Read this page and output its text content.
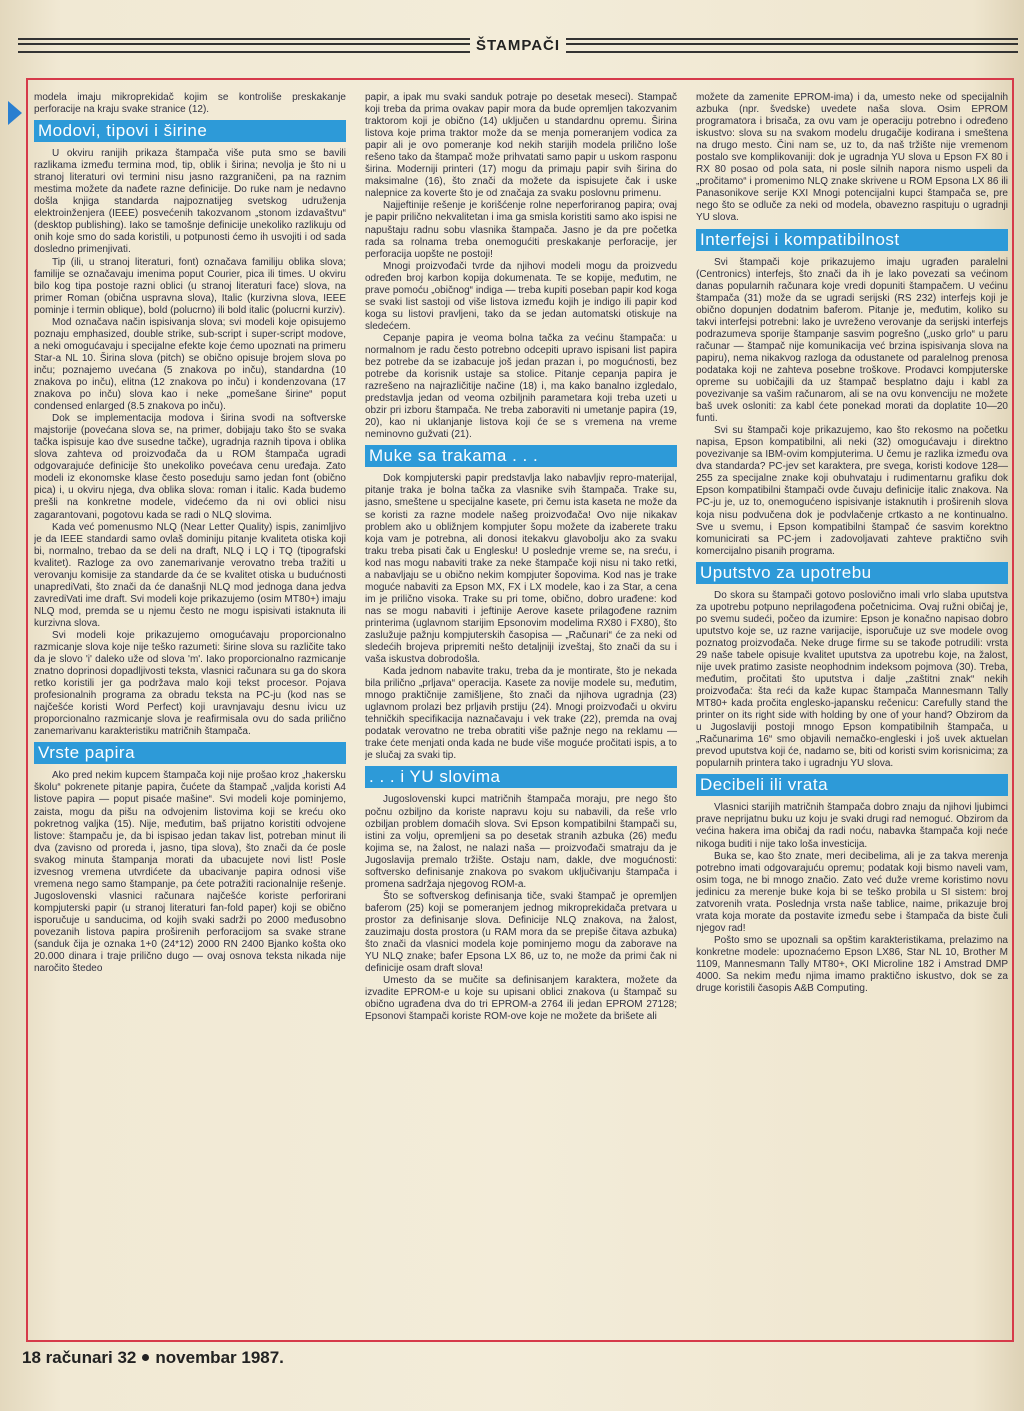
ŠTAMPAČI

modela imaju mikroprekidač kojim se kontroliše preskakanje perforacije na kraju svake stranice (12).

Modovi, tipovi i širine

U okviru ranijih prikaza štampača više puta smo se bavili razlikama između termina mod, tip, oblik i širina; nevolja je što ni u stranoj literaturi ovi termini nisu jasno razgraničeni, pa na raznim mestima možete da nađete razne definicije. Do ruke nam je nedavno došla knjiga standarda najpoznatijeg svetskog udruženja elektroinženjera (IEEE) posvećenih takozvanom „stonom izdavaštvu“ (desktop publishing). Iako se tamošnje definicije unekoliko razlikuju od onih koje smo do sada koristili, u potpunosti ćemo ih usvojiti i od sada dosledno primenjivati.

Tip (ili, u stranoj literaturi, font) označava familiju oblika slova; familije se označavaju imenima poput Courier, pica ili times. U okviru bilo kog tipa postoje razni oblici (u stranoj literaturi face) slova, na primer Roman (obična uspravna slova), Italic (kurzivna slova, IEEE pominje i termin oblique), bold (polucrno) ili bold italic (polucrni kurziv).

Mod označava način ispisivanja slova; svi modeli koje opisujemo poznaju emphasized, double strike, sub-script i super-script modove, a neki omogućavaju i specijalne efekte koje ćemo upoznati na primeru Star-a NL 10. Širina slova (pitch) se obično opisuje brojem slova po inču; poznajemo uvećana (5 znakova po inču), standardna (10 znakova po inču), elitna (12 znakova po inču) i kondenzovana (17 znakova po inču) slova kao i neke „pomešane širine“ poput condensed enlarged (8.5 znakova po inču).

Dok se implementacija modova i širina svodi na softverske majstorije (povećana slova se, na primer, dobijaju tako što se svaka tačka ispisuje kao dve susedne tačke), ugradnja raznih tipova i oblika slova zahteva od proizvođača da u ROM štampača ugradi odgovarajuće definicije što unekoliko povećava cenu uređaja. Zato modeli iz ekonomske klase često poseduju samo jedan font (obično pica) i, u okviru njega, dva oblika slova: roman i italic. Kada budemo prešli na konkretne modele, videćemo da ni ovi oblici nisu zagarantovani, pogotovu kada se radi o NLQ slovima.

Kada već pomenusmo NLQ (Near Letter Quality) ispis, zanimljivo je da IEEE standardi samo ovlaš dominiju pitanje kvaliteta otiska koji bi, normalno, trebao da se deli na draft, NLQ i LQ i TQ (tipografski kvalitet). Razloge za ovo zanemarivanje verovatno treba tražiti u verovanju komisije za standarde da će se kvalitet otiska u budućnosti unaprediVati, što znači da će današnji NLQ mod jednoga dana jedva zavrediVati ime draft. Svi modeli koje prikazujemo (osim MT80+) imaju NLQ mod, premda se u njemu često ne mogu ispisivati istaknuta ili kurzivna slova.

Svi modeli koje prikazujemo omogućavaju proporcionalno razmicanje slova koje nije teško razumeti: širine slova su različite tako da je slovo 'i' daleko uže od slova 'm'. Iako proporcionalno razmicanje znatno doprinosi dopadljivosti teksta, vlasnici računara su ga do skora retko koristili jer ga podržava malo koji tekst procesor. Pojava profesionalnih programa za obradu teksta na PC-ju (kod nas se najčešće koristi Word Perfect) koji uravnjavaju desnu ivicu uz proporcionalno razmicanje slova je reafirmisala ovu do sada prilično zanemarivanu karakteristiku matričnih štampača.

Vrste papira

Ako pred nekim kupcem štampača koji nije prošao kroz „hakersku školu“ pokrenete pitanje papira, čućete da štampač „valjda koristi A4 listove papira — poput pisaće mašine“. Svi modeli koje pominjemo, zaista, mogu da pišu na odvojenim listovima koji se kreću oko pokretnog valjka (15). Nije, međutim, baš prijatno koristiti odvojene listove: štampaču je, da bi ispisao jedan takav list, potreban minut ili dva (zavisno od proreda i, jasno, tipa slova), što znači da će posle svakog minuta štampanja morati da ubacujete novi list! Posle izvesnog vremena utvrdićete da ubacivanje papira odnosi više vremena nego samo štampanje, pa ćete potražiti racionalnije rešenje. Jugoslovenski vlasnici računara najčešće koriste perforirani kompjuterski papir (u stranoj literaturi fan-fold paper) koji se obično isporučuje u sanducima, od kojih svaki sadrži po 2000 međusobno povezanih listova papira proširenih perforacijom sa svake strane (sanduk čija je oznaka 1+0 (24*12) 2000 RN 2400 Bjanko košta oko 20.000 dinara i traje prilično dugo — ovaj osnova teksta nikada nije naročito štedeo

papir, a ipak mu svaki sanduk potraje po desetak meseci). Štampač koji treba da prima ovakav papir mora da bude opremljen takozvanim traktorom koji je obično (14) uključen u standardnu opremu. Širina listova koje prima traktor može da se menja pomeranjem vodica za papir ali je ovo pomeranje kod nekih starijih modela prilično loše rešeno tako da štampač može prihvatati samo papir u uskom rasponu širina. Moderniji printeri (17) mogu da primaju papir svih širina do maksimalne (16), što znači da možete da ispisujete čak i uske nalepnice za koverte što je od značaja za svaku poslovnu primenu.

Najjeftinije rešenje je korišćenje rolne neperforiranog papira; ovaj je papir prilično nekvalitetan i ima ga smisla koristiti samo ako ispisi ne napuštaju radnu sobu vlasnika štampača. Jasno je da pre početka rada sa rolnama treba onemogućiti preskakanje perforacije, jer perforacija uopšte ne postoji!

Mnogi proizvođači tvrde da njihovi modeli mogu da proizvedu određen broj karbon kopija dokumenata. Te se kopije, međutim, ne prave pomoću „običnog“ indiga — treba kupiti poseban papir kod koga se svaki list sastoji od više listova između kojih je indigo ili papir kod koga su listovi pravljeni, tako da se jedan automatski otiskuje na sledećem.

Cepanje papira je veoma bolna tačka za većinu štampača: u normalnom je radu često potrebno odcepiti upravo ispisani list papira bez potrebe da se izabacuje još jedan prazan i, po mogućnosti, bez potrebe da korisnik ustaje sa stolice. Pitanje cepanja papira je razrešeno na najrazličitije načine (18) i, ma kako banalno izgledalo, predstavlja jedan od veoma ozbiljnih parametara koji treba uzeti u obzir pri izboru štampača. Ne treba zaboraviti ni umetanje papira (19, 20), kao ni uklanjanje listova koji će se s vremena na vreme neminovno gužvati (21).

Muke sa trakama . . .

Dok kompjuterski papir predstavlja lako nabavljiv repro-materijal, pitanje traka je bolna tačka za vlasnike svih štampača. Trake su, jasno, smeštene u specijalne kasete, pri čemu ista kaseta ne može da se koristi za razne modele našeg proizvođača! Ovo nije nikakav problem ako u obližnjem kompjuter šopu možete da izaberete traku koja vam je potrebna, ali donosi itekakvu glavobolju ako za svaku traku treba pisati čak u Englesku! U poslednje vreme se, na sreću, i kod nas mogu nabaviti trake za neke štampače koji nisu ni tako retki, a nabavljaju se u obično nekim kompjuter šopovima. Kod nas je trake moguće nabaviti za Epson MX, FX i LX modele, kao i za Star, a cena im je prilično visoka. Trake su pri tome, obično, dobro urađene: kod nas se mogu nabaviti i jeftinije Aerove kasete prilagođene raznim printerima (uglavnom starijim Epsonovim modelima RX80 i FX80), što zaslužuje pažnju kompjuterskih časopisa — „Računari“ će za neki od sledećih brojeva pripremiti nešto detaljniji izveštaj, što znači da su i vaša iskustva dobrodošla.

Kada jednom nabavite traku, treba da je montirate, što je nekada bila prilično „prljava“ operacija. Kasete za novije modele su, međutim, mnogo praktičnije zamišljene, što znači da njihova ugradnja (23) uglavnom prolazi bez prljavih prstiju (24). Mnogi proizvođači u okviru tehničkih specifikacija naznačavaju i vek trake (22), premda na ovaj podatak verovatno ne treba obratiti više pažnje nego na reklamu — trake ćete menjati onda kada ne bude više moguće pročitati ispis, a to je slučaj za svaki tip.

. . . i YU slovima

Jugoslovenski kupci matričnih štampača moraju, pre nego što počnu ozbiljno da koriste napravu koju su nabavili, da reše vrlo ozbiljan problem domaćih slova. Svi Epson kompatibilni štampači su, istini za volju, opremljeni sa po desetak stranih azbuka (26) među kojima se, na žalost, ne nalazi naša — proizvođači smatraju da je Jugoslavija premalo tržište. Ostaju nam, dakle, dve mogućnosti: softversko definisanje znakova po svakom uključivanju štampača i promena sadržaja njegovog ROM-a.

Što se softverskog definisanja tiče, svaki štampač je opremljen baferom (25) koji se pomeranjem jednog mikroprekidača pretvara u prostor za definisanje slova. Definicije NLQ znakova, na žalost, zauzimaju dosta prostora (u RAM mora da se prepiše čitava azbuka) što znači da vlasnici modela koje pominjemo mogu da zaborave na YU NLQ znake; bafer Epsona LX 86, uz to, ne može da primi čak ni definicije osam draft slova!

Umesto da se mučite sa definisanjem karaktera, možete da izvadite EPROM-e u koje su upisani oblici znakova (u štampač su obično ugrađena dva do tri EPROM-a 2764 ili jedan EPROM 27128; Epsonovi štampači koriste ROM-ove koje ne možete da brišete ali

možete da zamenite EPROM-ima) i da, umesto neke od specijalnih azbuka (npr. švedske) uvedete naša slova. Osim EPROM programatora i brisača, za ovu vam je operaciju potrebno i određeno iskustvo: slova su na svakom modelu drugačije kodirana i smeštena na drugo mesto. Čini nam se, uz to, da naš tržište nije vremenom postalo sve komplikovaniji: dok je ugradnja YU slova u Epson FX 80 i RX 80 posao od pola sata, ni posle silnih napora nismo uspeli da „pročitamo“ i promenimo NLQ znake skrivene u ROM Epsona LX 86 ili Panasonikove serije KXI Mnogi potencijalni kupci štampača se, pre nego što se odluče za neki od modela, obavezno raspituju o ugradnji YU slova.

Interfejsi i kompatibilnost

Svi štampači koje prikazujemo imaju ugrađen paralelni (Centronics) interfejs, što znači da ih je lako povezati sa većinom danas popularnih računara koje vredi dopuniti štampačem. U većinu štampača (31) može da se ugradi serijski (RS 232) interfejs koji je obično dopunjen dodatnim baferom. Pitanje je, međutim, koliko su takvi interfejsi potrebni: lako je uvreženo verovanje da serijski interfejs podrazumeva sporije štampanje sasvim pogrešno („usko grlo“ u paru računar — štampač nije komunikacija već brzina ispisivanja slova na papiru), nema nikakvog razloga da odustanete od paralelnog prenosa podataka koji ne zahteva posebne troškove. Prodavci kompjuterske opreme su uobičajili da uz štampač besplatno daju i kabl za povezivanje sa vašim računarom, ali se na ovu konvenciju ne možete baš uvek osloniti: za kabl ćete ponekad morati da doplatite 10—20 funti.

Svi su štampači koje prikazujemo, kao što rekosmo na početku napisa, Epson kompatibilni, ali neki (32) omogućavaju i direktno povezivanje sa IBM-ovim kompjuterima. U čemu je razlika između ova dva standarda? PC-jev set karaktera, pre svega, koristi kodove 128—255 za specijalne znake koji obuhvataju i rudimentarnu grafiku dok Epson kompatibilni štampači ovde čuvaju definicije italic znakova. Na PC-ju je, uz to, onemogućeno ispisivanje istaknutih i proširenih slova koja nisu podvučena dok je podvlačenje crtkasto a ne kontinualno. Sve u svemu, i Epson kompatibilni štampač će sasvim korektno komunicirati sa PC-jem i zadovoljavati zahteve praktično svih komercijalno pisanih programa.

Uputstvo za upotrebu

Do skora su štampači gotovo poslovično imali vrlo slaba uputstva za upotrebu potpuno neprilagođena početnicima. Ovaj ružni običaj je, po svemu sudeći, počeo da izumire: Epson je konačno napisao dobro uputstvo koje se, uz razne varijacije, isporučuje uz sve modele ovog poznatog proizvođača. Neke druge firme su se takođe potrudili: vrsta 29 naše tabele opisuje kvalitet uputstva za upotrebu koje, na žalost, nije uvek pratimo zasiste neophodnim indeksom pojmova (30). Treba, međutim, pročitati što uputstva i dalje „zaštitni znak“ nekih proizvođača: šta reći da kaže kupac štampača Mannesmann Tally MT80+ kada pročita englesko-japansku rečenicu: Carefully stand the printer on its right side with holding by one of your hand? Obzirom da u Jugoslaviji postoji mnogo Epson kompatibilnih štampača, u „Računarima 16“ smo objavili nemačko-engleski i još uvek aktuelan prevod uputstva koji će, nadamo se, biti od koristi svim korisnicima; za popularnih printera tako i ugradnju YU slova.

Decibeli ili vrata

Vlasnici starijih matričnih štampača dobro znaju da njihovi ljubimci prave neprijatnu buku uz koju je svaki drugi rad nemoguć. Obzirom da većina hakera ima običaj da radi noću, nabavka štampača koji neće nikoga buditi i nije tako loša investicija.

Buka se, kao što znate, meri decibelima, ali je za takva merenja potrebno imati odgovarajuću opremu; podatak koji bismo naveli vam, osim toga, ne bi mnogo značio. Zato već duže vreme koristimo novu jedinicu za merenje buke koja bi se teško probila u SI sistem: broj zatvorenih vrata. Poslednja vrsta naše tablice, naime, prikazuje broj vrata koja morate da postavite između sebe i štampača da biste čuli njegov rad!

Pošto smo se upoznali sa opštim karakteristikama, prelazimo na konkretne modele: upoznaćemo Epson LX86, Star NL 10, Brother M 1109, Mannesmann Tally MT80+, OKI Microline 182 i Amstrad DMP 4000. Sa nekim među njima imamo praktično iskustvo, dok se za druge koristili časopis A&B Computing.

18 računari 32 novembar 1987.
